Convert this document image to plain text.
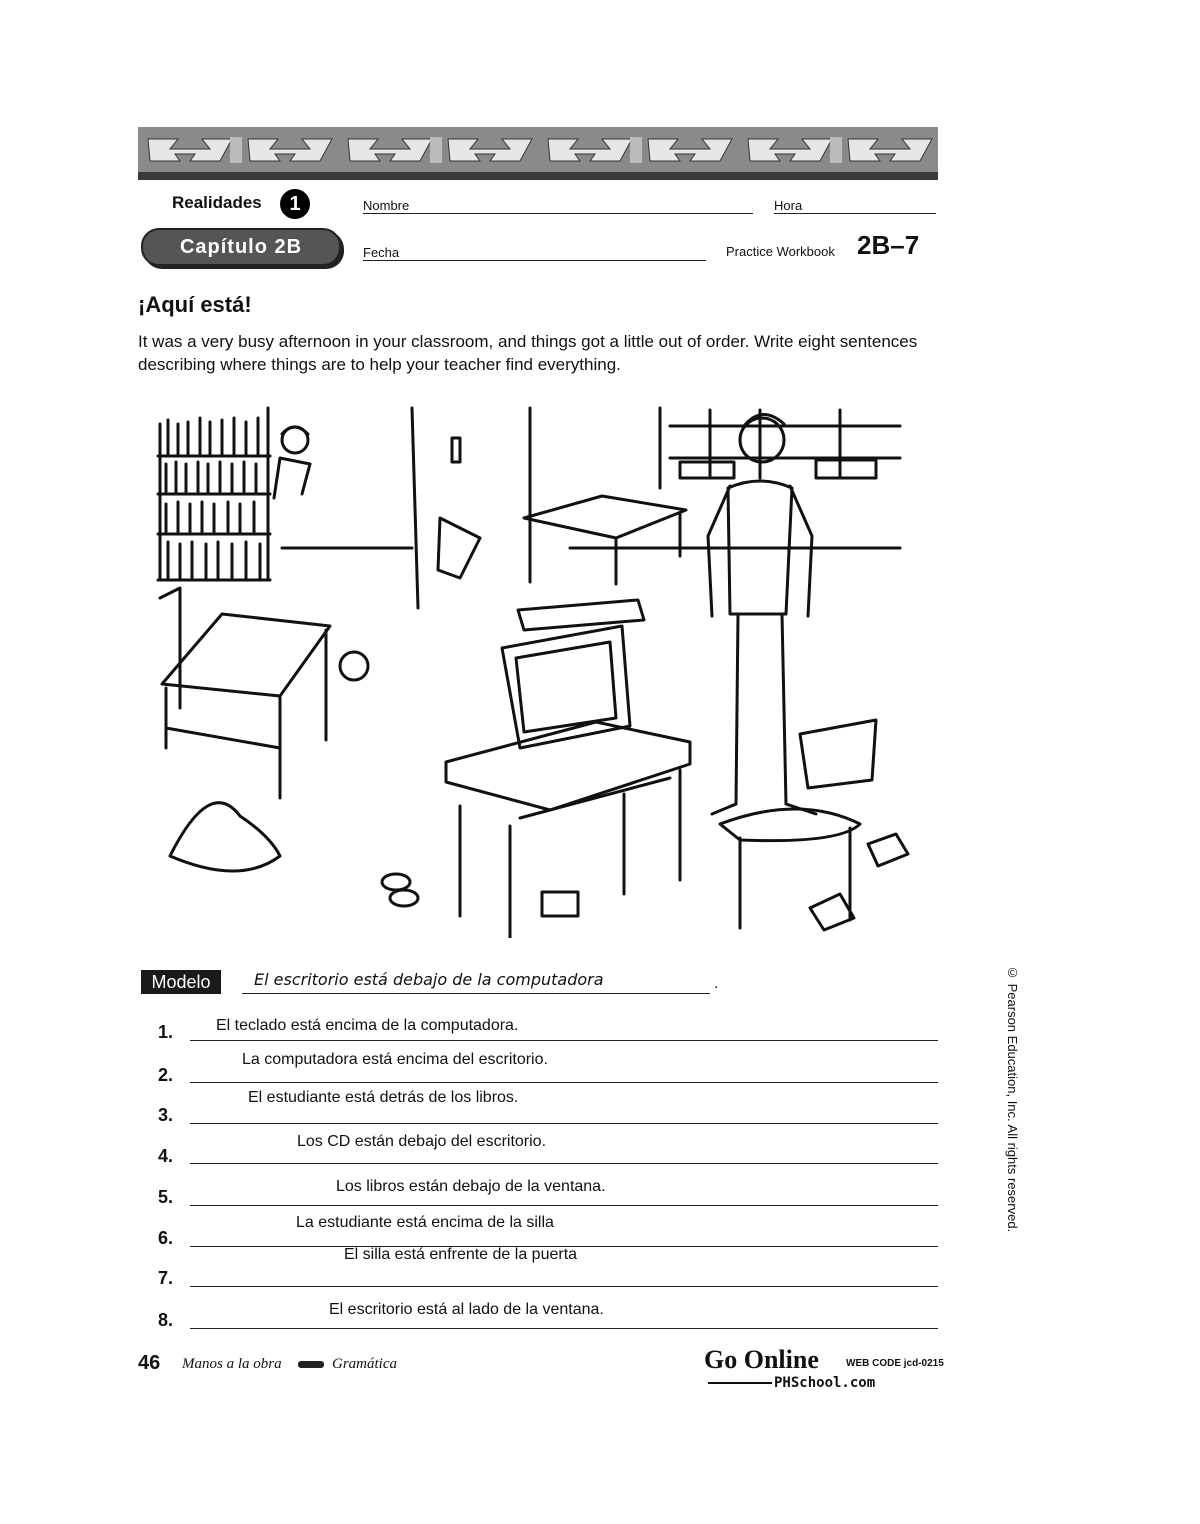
Realidades	1
Capítulo 2B
Nombre	Hora
Fecha	Practice Workbook 2B–7
¡Aquí está!
It was a very busy afternoon in your classroom, and things got a little out of order. Write eight sentences describing where things are to help your teacher find everything.
Modelo	El escritorio está debajo de la computadora	.
1.	El teclado está encima de la computadora.
2.
La computadora está encima del escritorio.
3.
El estudiante está detrás de los libros.
4.
Los CD están debajo del escritorio.
5.
Los libros están debajo de la ventana.
6.
La estudiante está encima de la silla
7.
El silla está enfrente de la puerta
8.
El escritorio está al lado de la ventana.
46 Manos a la obra	Gramática	Go Online	WEB CODE jcd-0215
PHSchool.com
© Pearson Education, Inc. All rights reserved.
